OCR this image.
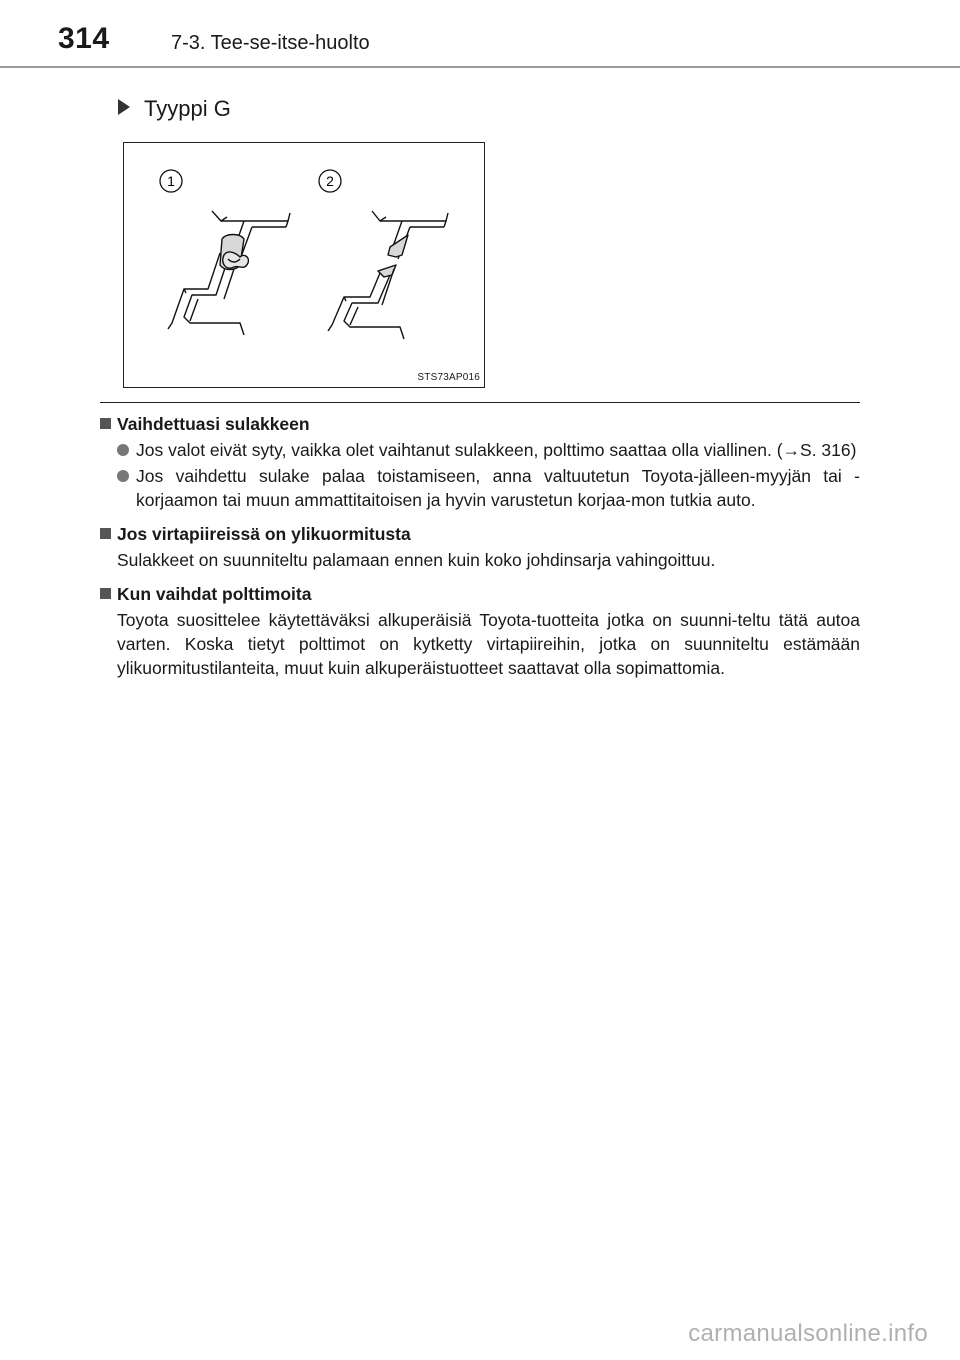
314	7-3. Tee-se-itse-huolto
Tyyppi G
1	2
STS73AP016
Vaihdettuasi sulakkeen
Jos valot eivät syty, vaikka olet vaihtanut sulakkeen, polttimo saattaa olla viallinen. (→S. 316)
Jos vaihdettu sulake palaa toistamiseen, anna valtuutetun Toyota-jälleen-myyjän tai -korjaamon tai muun ammattitaitoisen ja hyvin varustetun korjaa-mon tutkia auto.
Jos virtapiireissä on ylikuormitusta
Sulakkeet on suunniteltu palamaan ennen kuin koko johdinsarja vahingoittuu.
Kun vaihdat polttimoita
Toyota suosittelee käytettäväksi alkuperäisiä Toyota-tuotteita jotka on suunni-teltu tätä autoa varten. Koska tietyt polttimot on kytketty virtapiireihin, jotka on suunniteltu estämään ylikuormitustilanteita, muut kuin alkuperäistuotteet saattavat olla sopimattomia.
carmanualsonline.info
